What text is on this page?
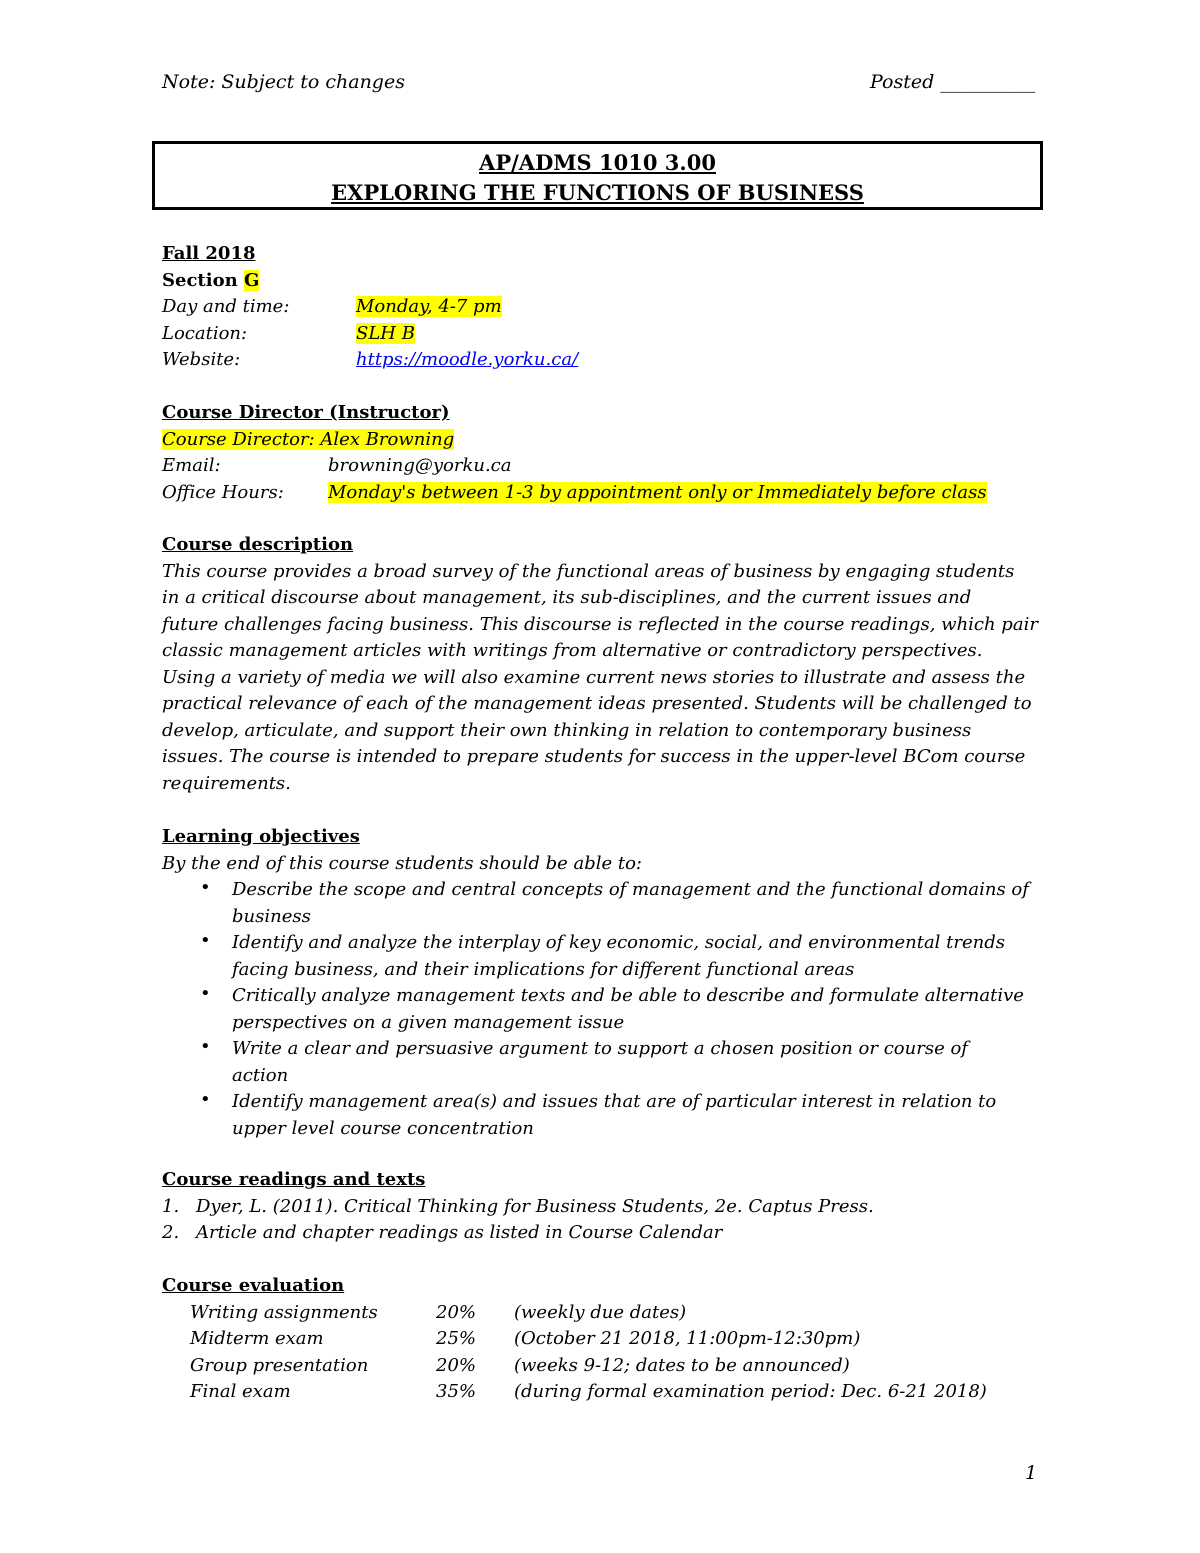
Note: Subject to changes	Posted __________
AP/ADMS 1010 3.00
EXPLORING THE FUNCTIONS OF BUSINESS
Fall 2018
Section G
Day and time:	Monday, 4-7 pm
Location:	SLH B
Website:	https://moodle.yorku.ca/
Course Director (Instructor)
Course Director: Alex Browning
Email:	browning@yorku.ca
Office Hours: Monday's between 1-3 by appointment only or Immediately before class
Course description
This course provides a broad survey of the functional areas of business by engaging students
in a critical discourse about management, its sub-disciplines, and the current issues and
future challenges facing business. This discourse is reflected in the course readings, which pair
classic management articles with writings from alternative or contradictory perspectives.
Using a variety of media we will also examine current news stories to illustrate and assess the
practical relevance of each of the management ideas presented. Students will be challenged to
develop, articulate, and support their own thinking in relation to contemporary business
issues. The course is intended to prepare students for success in the upper-level BCom course
requirements.
Learning objectives
By the end of this course students should be able to:
• Describe the scope and central concepts of management and the functional domains of
business
• Identify and analyze the interplay of key economic, social, and environmental trends
facing business, and their implications for different functional areas
• Critically analyze management texts and be able to describe and formulate alternative
perspectives on a given management issue
• Write a clear and persuasive argument to support a chosen position or course of
action
• Identify management area(s) and issues that are of particular interest in relation to
upper level course concentration
Course readings and texts
1. Dyer, L. (2011). Critical Thinking for Business Students, 2e. Captus Press.
2. Article and chapter readings as listed in Course Calendar
Course evaluation
Writing assignments	20% (weekly due dates)
Midterm exam	25% (October 21 2018, 11:00pm-12:30pm)
Group presentation	20% (weeks 9-12; dates to be announced)
Final exam	35% (during formal examination period: Dec. 6-21 2018)
1
